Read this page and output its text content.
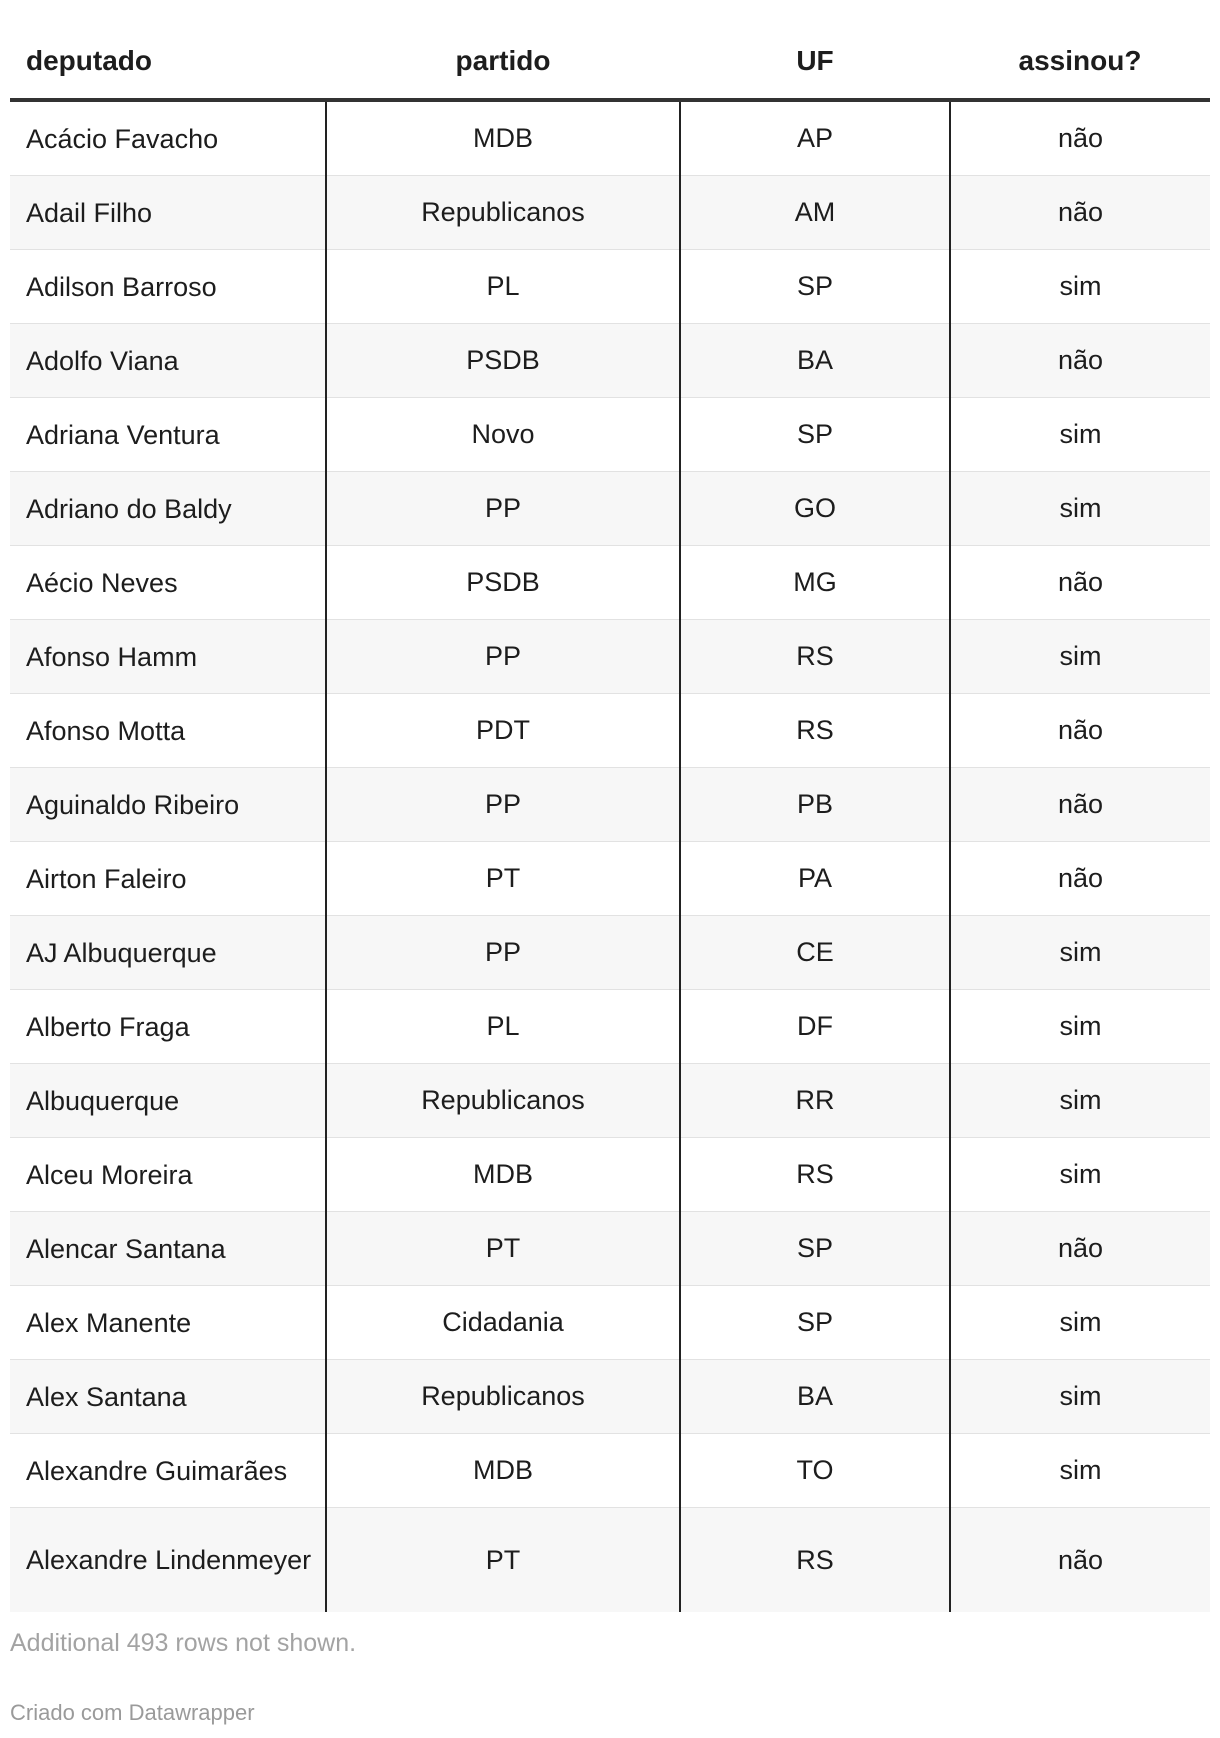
deputado	partido	UF	assinou?
Acácio Favacho	MDB	AP	não
Adail Filho	Republicanos	AM	não
Adilson Barroso	PL	SP	sim
Adolfo Viana	PSDB	BA	não
Adriana Ventura	Novo	SP	sim
Adriano do Baldy	PP	GO	sim
Aécio Neves	PSDB	MG	não
Afonso Hamm	PP	RS	sim
Afonso Motta	PDT	RS	não
Aguinaldo Ribeiro	PP	PB	não
Airton Faleiro	PT	PA	não
AJ Albuquerque	PP	CE	sim
Alberto Fraga	PL	DF	sim
Albuquerque	Republicanos	RR	sim
Alceu Moreira	MDB	RS	sim
Alencar Santana	PT	SP	não
Alex Manente	Cidadania	SP	sim
Alex Santana	Republicanos	BA	sim
Alexandre Guimarães	MDB	TO	sim
Alexandre Lindenmeyer	PT	RS	não
Additional 493 rows not shown.
Criado com Datawrapper
